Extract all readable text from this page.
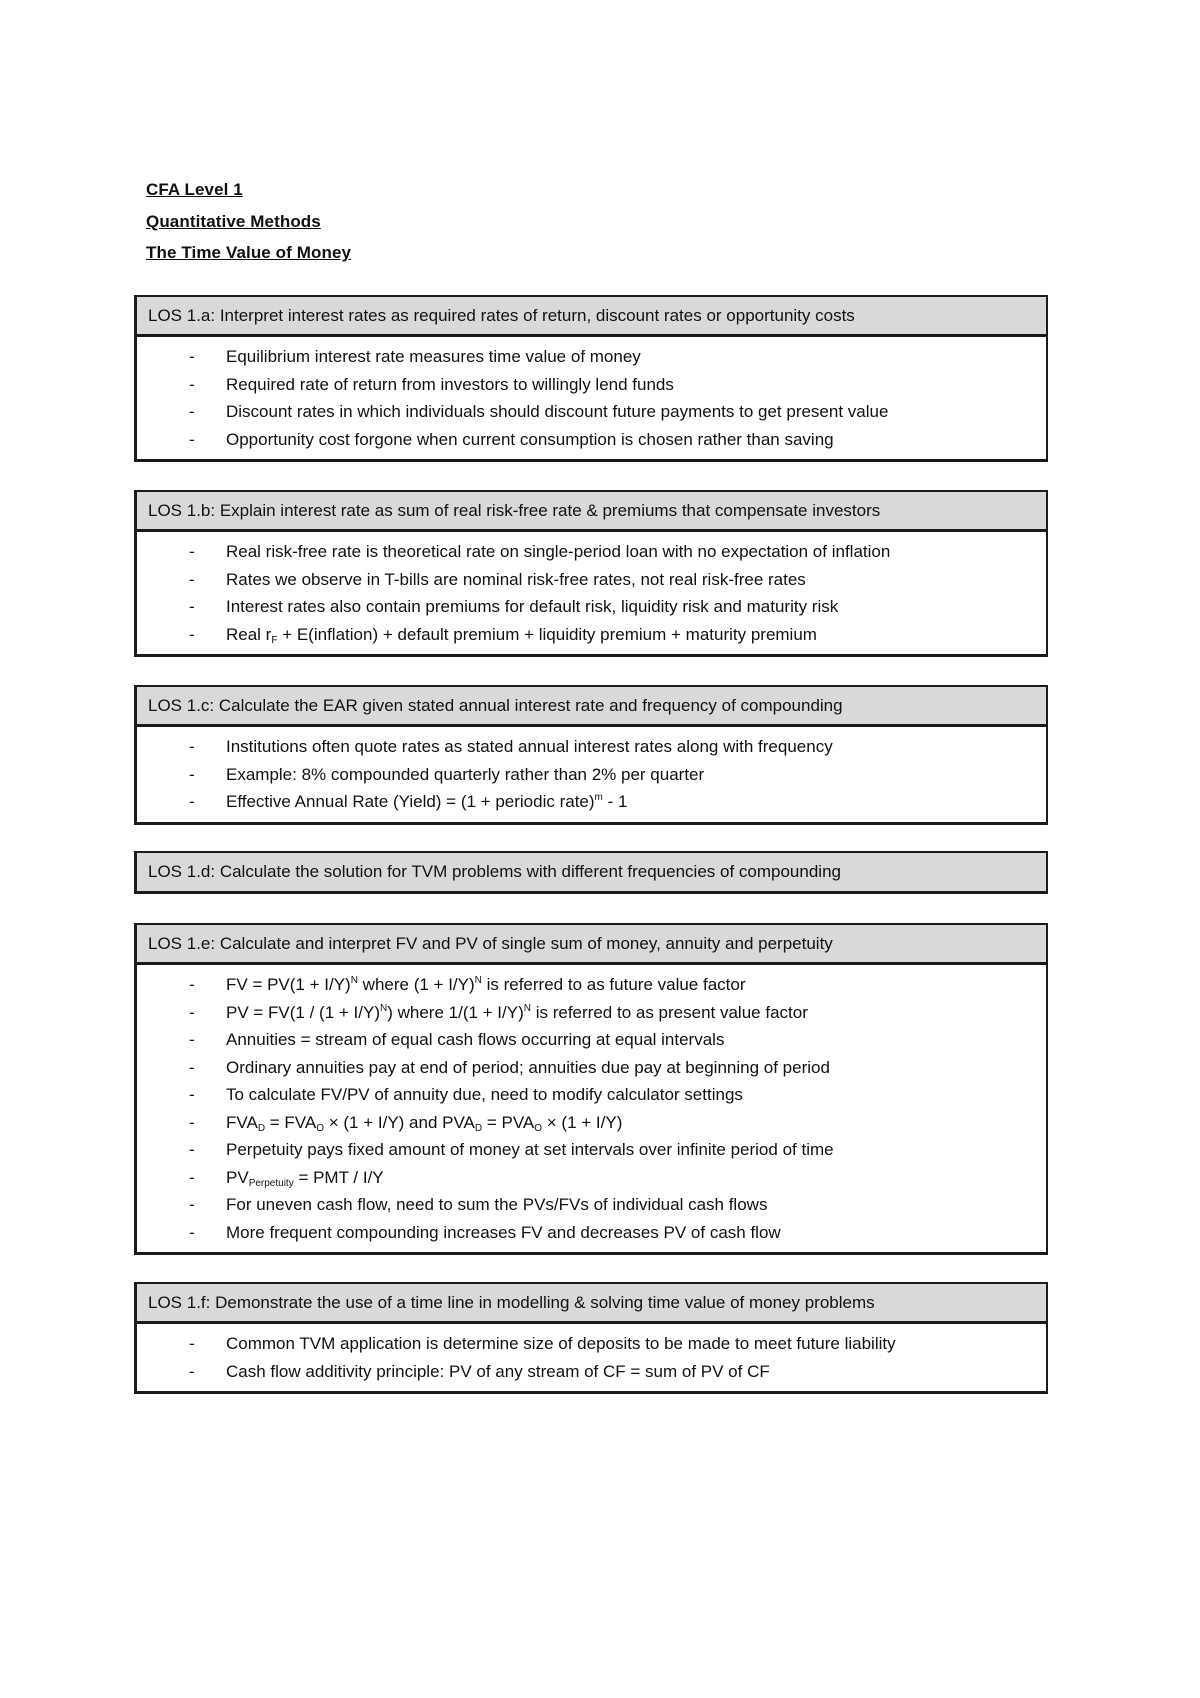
CFA Level 1
Quantitative Methods
The Time Value of Money
LOS 1.a: Interpret interest rates as required rates of return, discount rates or opportunity costs
- Equilibrium interest rate measures time value of money
- Required rate of return from investors to willingly lend funds
- Discount rates in which individuals should discount future payments to get present value
- Opportunity cost forgone when current consumption is chosen rather than saving
LOS 1.b: Explain interest rate as sum of real risk-free rate & premiums that compensate investors
- Real risk-free rate is theoretical rate on single-period loan with no expectation of inflation
- Rates we observe in T-bills are nominal risk-free rates, not real risk-free rates
- Interest rates also contain premiums for default risk, liquidity risk and maturity risk
- Real $r_F$ + E(inflation) + default premium + liquidity premium + maturity premium
LOS 1.c: Calculate the EAR given stated annual interest rate and frequency of compounding
- Institutions often quote rates as stated annual interest rates along with frequency
- Example: 8% compounded quarterly rather than 2% per quarter
- Effective Annual Rate (Yield) = (1 + periodic rate)$^m$ - 1
LOS 1.d: Calculate the solution for TVM problems with different frequencies of compounding
LOS 1.e: Calculate and interpret FV and PV of single sum of money, annuity and perpetuity
- FV = $PV(1 + I/Y)^N$ where $(1 + I/Y)^N$ is referred to as future value factor
- PV = $FV(1 / (1 + I/Y)^N)$ where $1/(1 + I/Y)^N$ is referred to as present value factor
- Annuities = stream of equal cash flows occurring at equal intervals
- Ordinary annuities pay at end of period; annuities due pay at beginning of period
- To calculate FV/PV of annuity due, need to modify calculator settings
- $FVA_D = FVA_O \times (1 + I/Y)$ and $PVA_D = PVA_O \times (1 + I/Y)$
- Perpetuity pays fixed amount of money at set intervals over infinite period of time
- $PV_{Perpetuity}$ = PMT / I/Y
- For uneven cash flow, need to sum the PVs/FVs of individual cash flows
- More frequent compounding increases FV and decreases PV of cash flow
LOS 1.f: Demonstrate the use of a time line in modelling & solving time value of money problems
- Common TVM application is determine size of deposits to be made to meet future liability
- Cash flow additivity principle: PV of any stream of CF = sum of PV of CF
